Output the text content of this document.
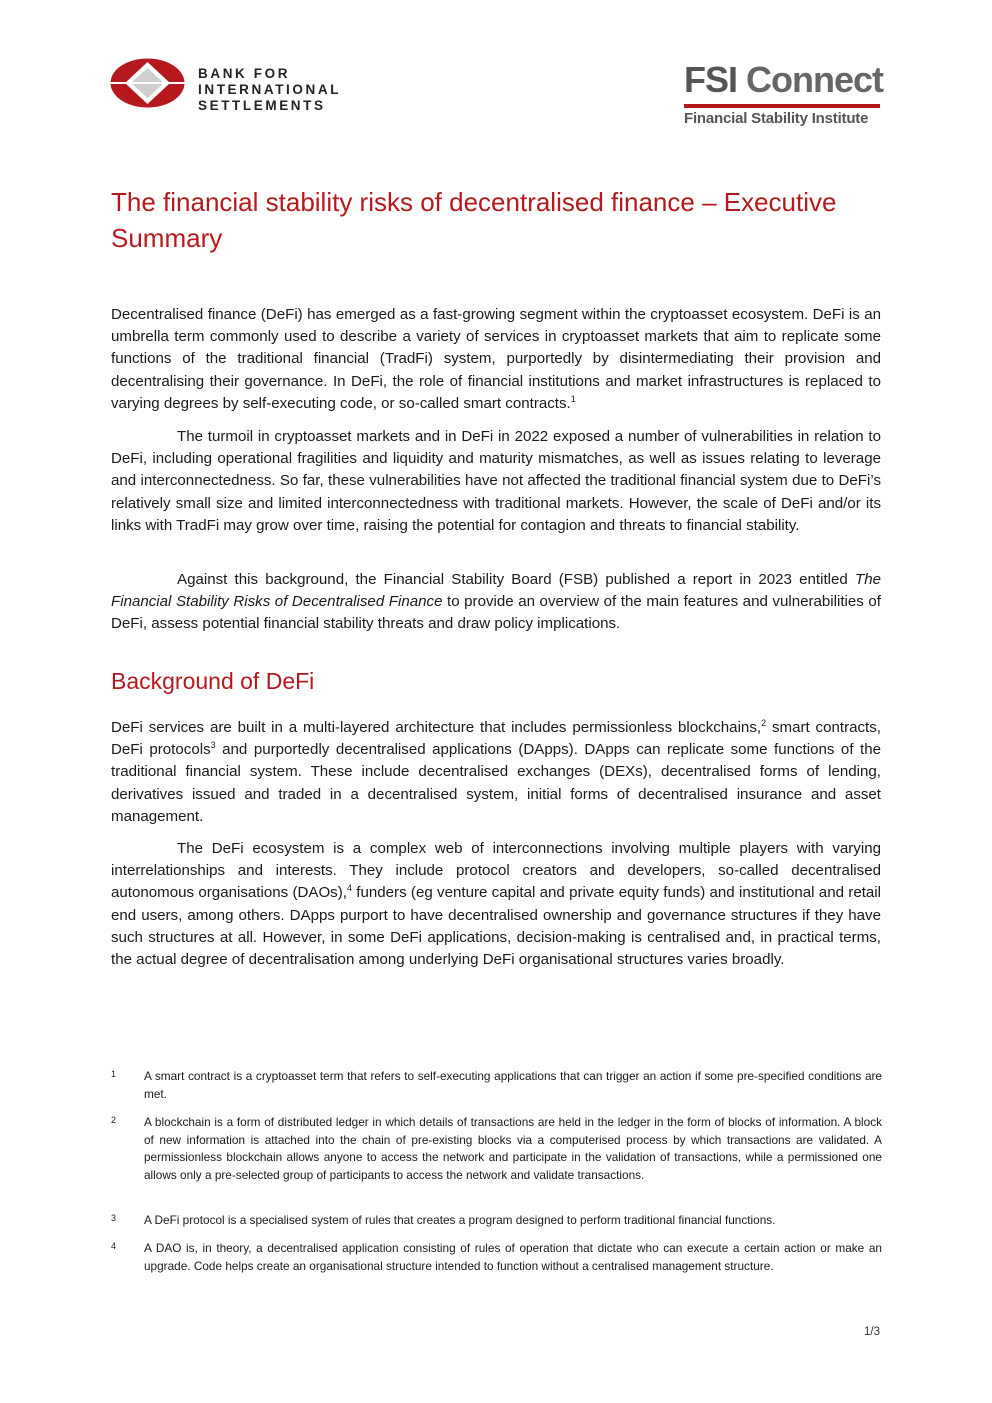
BANK FOR
INTERNATIONAL
SETTLEMENTS
FSI Connect
Financial Stability Institute
The financial stability risks of decentralised finance – Executive Summary

Decentralised finance (DeFi) has emerged as a fast-growing segment within the cryptoasset ecosystem. DeFi is an umbrella term commonly used to describe a variety of services in cryptoasset markets that aim to replicate some functions of the traditional financial (TradFi) system, purportedly by disintermediating their provision and decentralising their governance. In DeFi, the role of financial institutions and market infrastructures is replaced to varying degrees by self-executing code, or so-called smart contracts.$^1$

The turmoil in cryptoasset markets and in DeFi in 2022 exposed a number of vulnerabilities in relation to DeFi, including operational fragilities and liquidity and maturity mismatches, as well as issues relating to leverage and interconnectedness. So far, these vulnerabilities have not affected the traditional financial system due to DeFi’s relatively small size and limited interconnectedness with traditional markets. However, the scale of DeFi and/or its links with TradFi may grow over time, raising the potential for contagion and threats to financial stability.

Against this background, the Financial Stability Board (FSB) published a report in 2023 entitled The Financial Stability Risks of Decentralised Finance to provide an overview of the main features and vulnerabilities of DeFi, assess potential financial stability threats and draw policy implications.

Background of DeFi

DeFi services are built in a multi-layered architecture that includes permissionless blockchains,$^2$ smart contracts, DeFi protocols$^3$ and purportedly decentralised applications (DApps). DApps can replicate some functions of the traditional financial system. These include decentralised exchanges (DEXs), decentralised forms of lending, derivatives issued and traded in a decentralised system, initial forms of decentralised insurance and asset management.

The DeFi ecosystem is a complex web of interconnections involving multiple players with varying interrelationships and interests. They include protocol creators and developers, so-called decentralised autonomous organisations (DAOs),$^4$ funders (eg venture capital and private equity funds) and institutional and retail end users, among others. DApps purport to have decentralised ownership and governance structures if they have such structures at all. However, in some DeFi applications, decision-making is centralised and, in practical terms, the actual degree of decentralisation among underlying DeFi organisational structures varies broadly.

1 A smart contract is a cryptoasset term that refers to self-executing applications that can trigger an action if some pre-specified conditions are met.
2 A blockchain is a form of distributed ledger in which details of transactions are held in the ledger in the form of blocks of information. A block of new information is attached into the chain of pre-existing blocks via a computerised process by which transactions are validated. A permissionless blockchain allows anyone to access the network and participate in the validation of transactions, while a permissioned one allows only a pre-selected group of participants to access the network and validate transactions.
3 A DeFi protocol is a specialised system of rules that creates a program designed to perform traditional financial functions.
4 A DAO is, in theory, a decentralised application consisting of rules of operation that dictate who can execute a certain action or make an upgrade. Code helps create an organisational structure intended to function without a centralised management structure.
1/3
